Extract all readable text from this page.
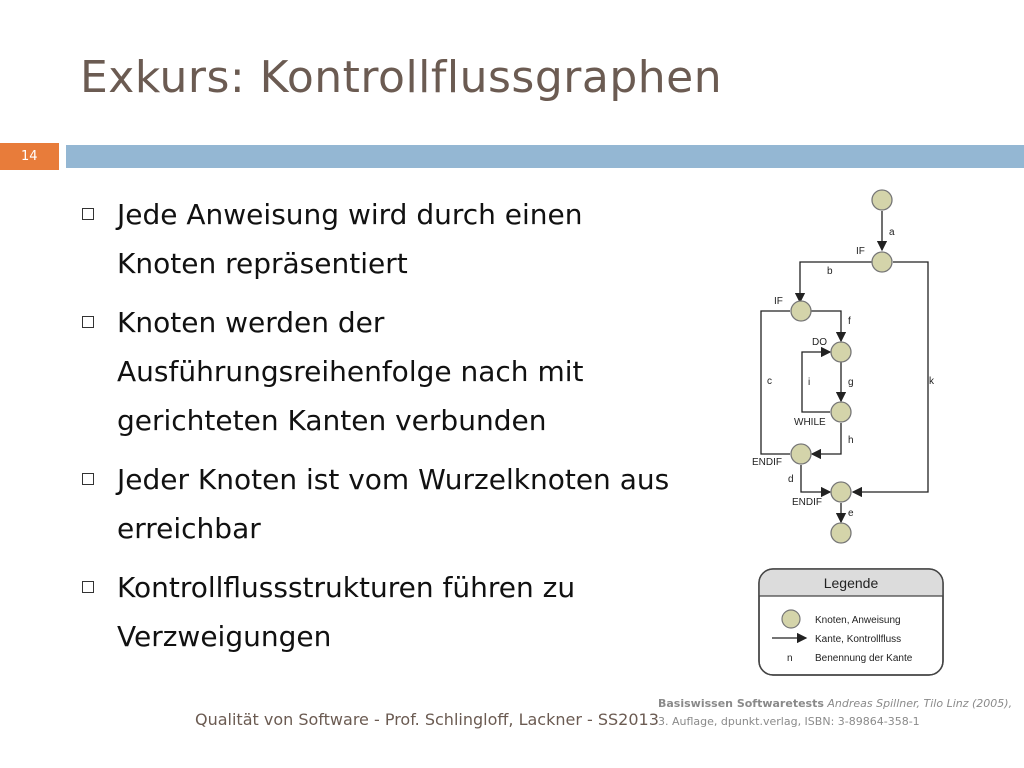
Exkurs: Kontrollflussgraphen
14
Jede Anweisung wird durch einen Knoten repräsentiert
Knoten werden der Ausführungsreihenfolge nach mit gerichteten Kanten verbunden
Jeder Knoten ist vom Wurzelknoten aus erreichbar
Kontrollflussstrukturen führen zu Verzweigungen
IF
IF
DO
WHILE
ENDIF
ENDIF
a
b
k
f
c	g
i
h
d
e
Legende
Knoten, Anweisung
Kante, Kontrollfluss
n Benennung der Kante
Basiswissen Softwaretests Andreas Spillner, Tilo Linz (2005),
3. Auflage, dpunkt.verlag, ISBN: 3-89864-358-1
Qualität von Software - Prof. Schlingloff, Lackner - SS2013
